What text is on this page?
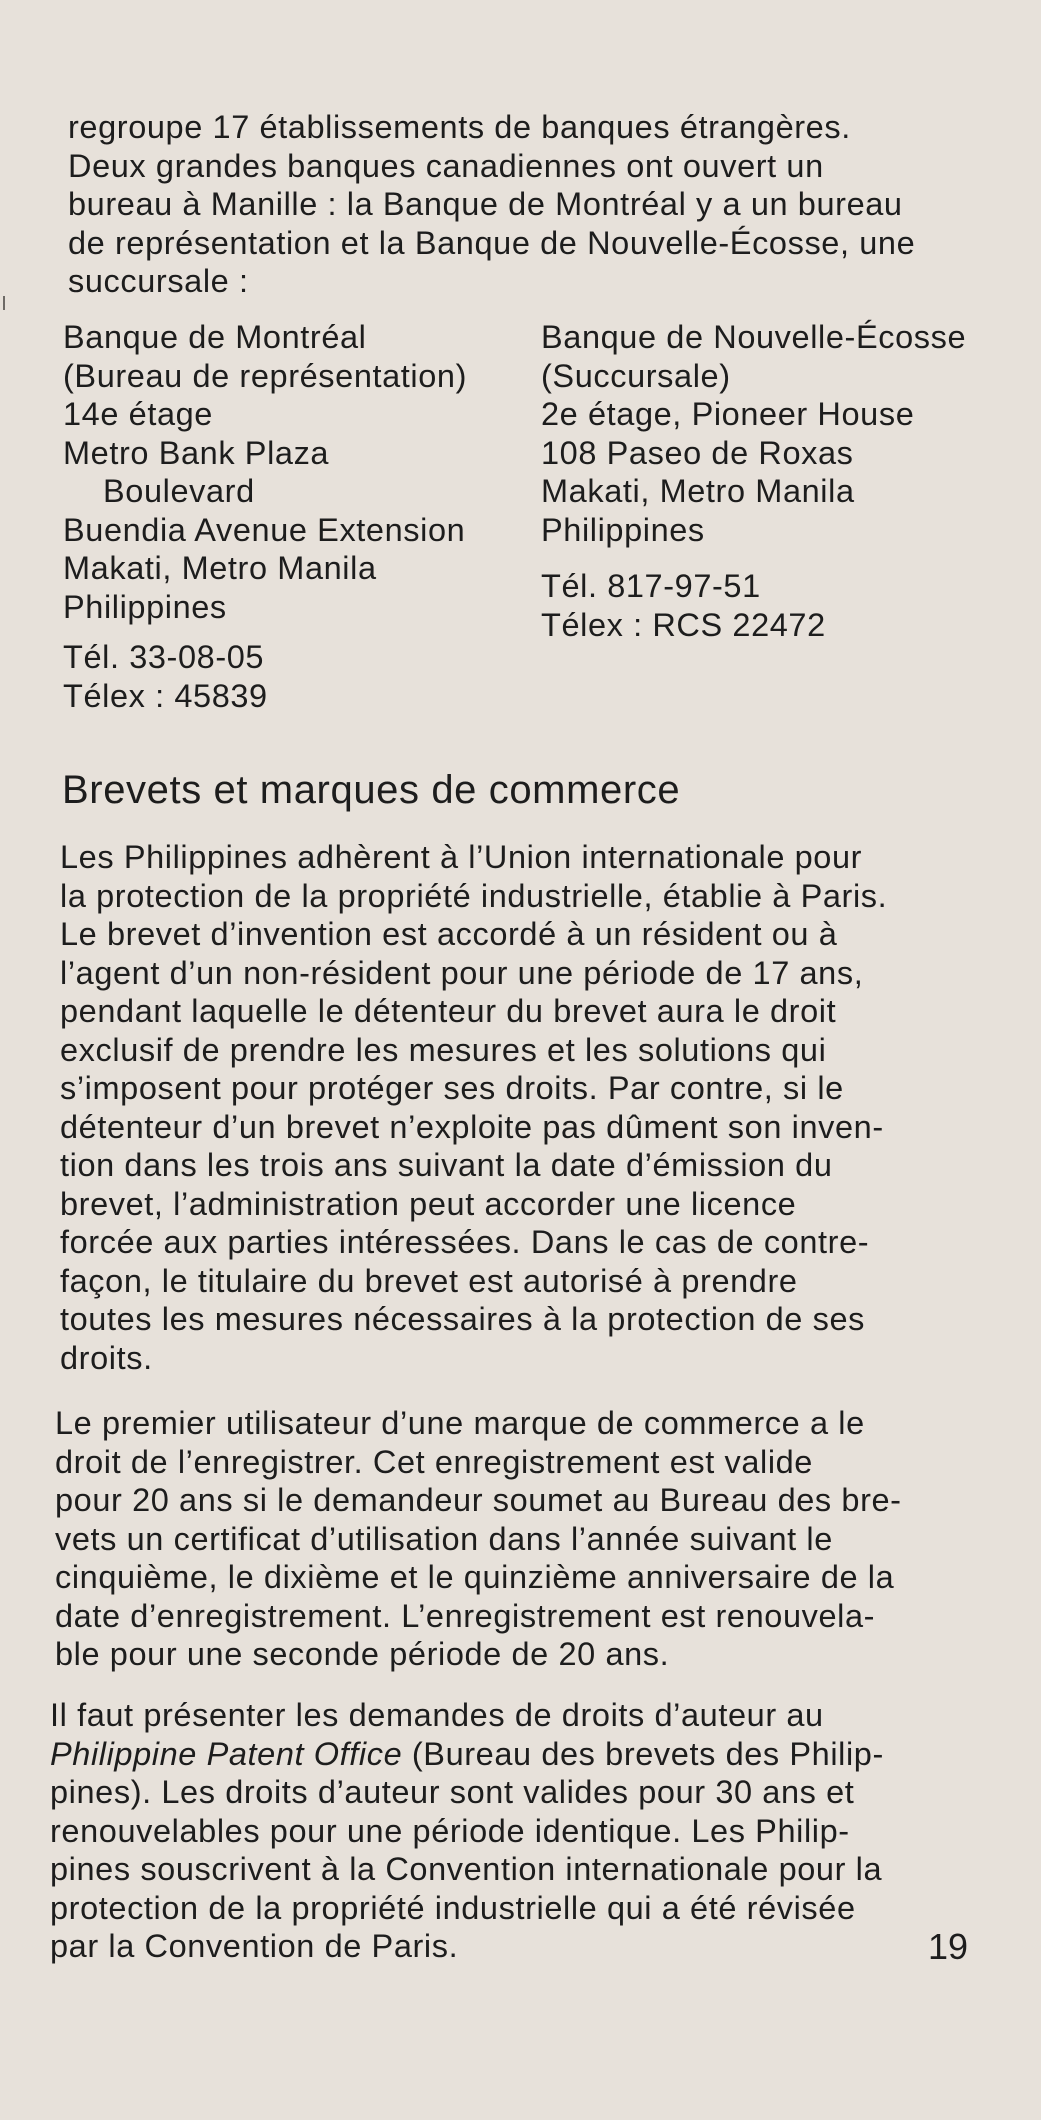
regroupe 17 établissements de banques étrangères.
Deux grandes banques canadiennes ont ouvert un
bureau à Manille : la Banque de Montréal y a un bureau
de représentation et la Banque de Nouvelle-Écosse, une
succursale :
Banque de Montréal
(Bureau de représentation)
14e étage
Metro Bank Plaza
Boulevard
Buendia Avenue Extension
Makati, Metro Manila
Philippines
Tél. 33-08-05
Télex : 45839
Banque de Nouvelle-Écosse
(Succursale)
2e étage, Pioneer House
108 Paseo de Roxas
Makati, Metro Manila
Philippines
Tél. 817-97-51
Télex : RCS 22472
Brevets et marques de commerce
Les Philippines adhèrent à l’Union internationale pour
la protection de la propriété industrielle, établie à Paris.
Le brevet d’invention est accordé à un résident ou à
l’agent d’un non-résident pour une période de 17 ans,
pendant laquelle le détenteur du brevet aura le droit
exclusif de prendre les mesures et les solutions qui
s’imposent pour protéger ses droits. Par contre, si le
détenteur d’un brevet n’exploite pas dûment son inven-
tion dans les trois ans suivant la date d’émission du
brevet, l’administration peut accorder une licence
forcée aux parties intéressées. Dans le cas de contre-
façon, le titulaire du brevet est autorisé à prendre
toutes les mesures nécessaires à la protection de ses
droits.
Le premier utilisateur d’une marque de commerce a le
droit de l’enregistrer. Cet enregistrement est valide
pour 20 ans si le demandeur soumet au Bureau des bre-
vets un certificat d’utilisation dans l’année suivant le
cinquième, le dixième et le quinzième anniversaire de la
date d’enregistrement. L’enregistrement est renouvela-
ble pour une seconde période de 20 ans.
Il faut présenter les demandes de droits d’auteur au
Philippine Patent Office (Bureau des brevets des Philip-
pines). Les droits d’auteur sont valides pour 30 ans et
renouvelables pour une période identique. Les Philip-
pines souscrivent à la Convention internationale pour la
protection de la propriété industrielle qui a été révisée
par la Convention de Paris.	19
